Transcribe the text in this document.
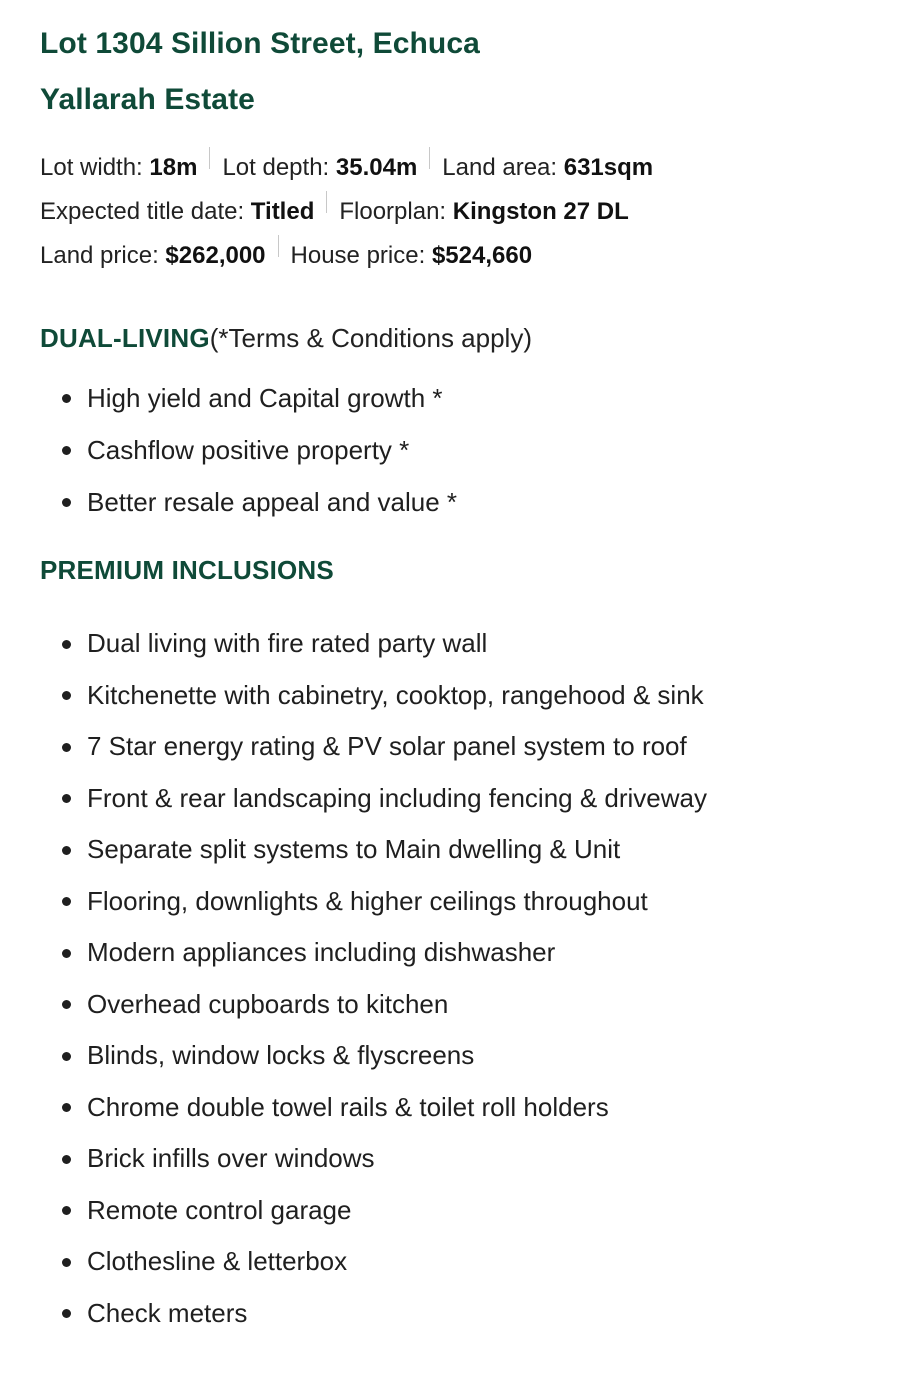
Lot 1304 Sillion Street, Echuca
Yallarah Estate
Lot width: 18m Lot depth: 35.04m Land area: 631sqm
Expected title date: Titled Floorplan: Kingston 27 DL
Land price: $262,000 House price: $524,660
DUAL-LIVING(*Terms & Conditions apply)
High yield and Capital growth *
Cashflow positive property *
Better resale appeal and value *
PREMIUM INCLUSIONS
Dual living with fire rated party wall
Kitchenette with cabinetry, cooktop, rangehood & sink
7 Star energy rating & PV solar panel system to roof
Front & rear landscaping including fencing & driveway
Separate split systems to Main dwelling & Unit
Flooring, downlights & higher ceilings throughout
Modern appliances including dishwasher
Overhead cupboards to kitchen
Blinds, window locks & flyscreens
Chrome double towel rails & toilet roll holders
Brick infills over windows
Remote control garage
Clothesline & letterbox
Check meters
